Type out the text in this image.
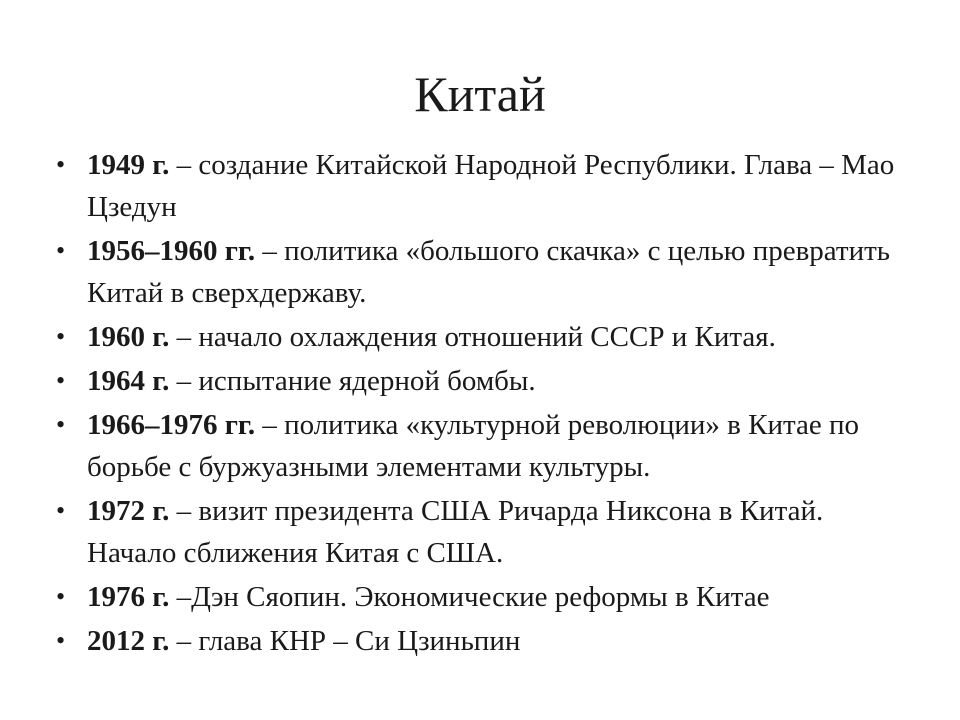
Китай
• 1949 г. – создание Китайской Народной Республики. Глава – Мао Цзедун
• 1956–1960 гг. – политика «большого скачка» с целью превратить Китай в сверхдержаву.
• 1960 г. – начало охлаждения отношений СССР и Китая.
• 1964 г. – испытание ядерной бомбы.
• 1966–1976 гг. – политика «культурной революции» в Китае по борьбе с буржуазными элементами культуры.
• 1972 г. – визит президента США Ричарда Никсона в Китай. Начало сближения Китая с США.
• 1976 г. –Дэн Сяопин. Экономические реформы в Китае
• 2012 г. – глава КНР – Си Цзиньпин
